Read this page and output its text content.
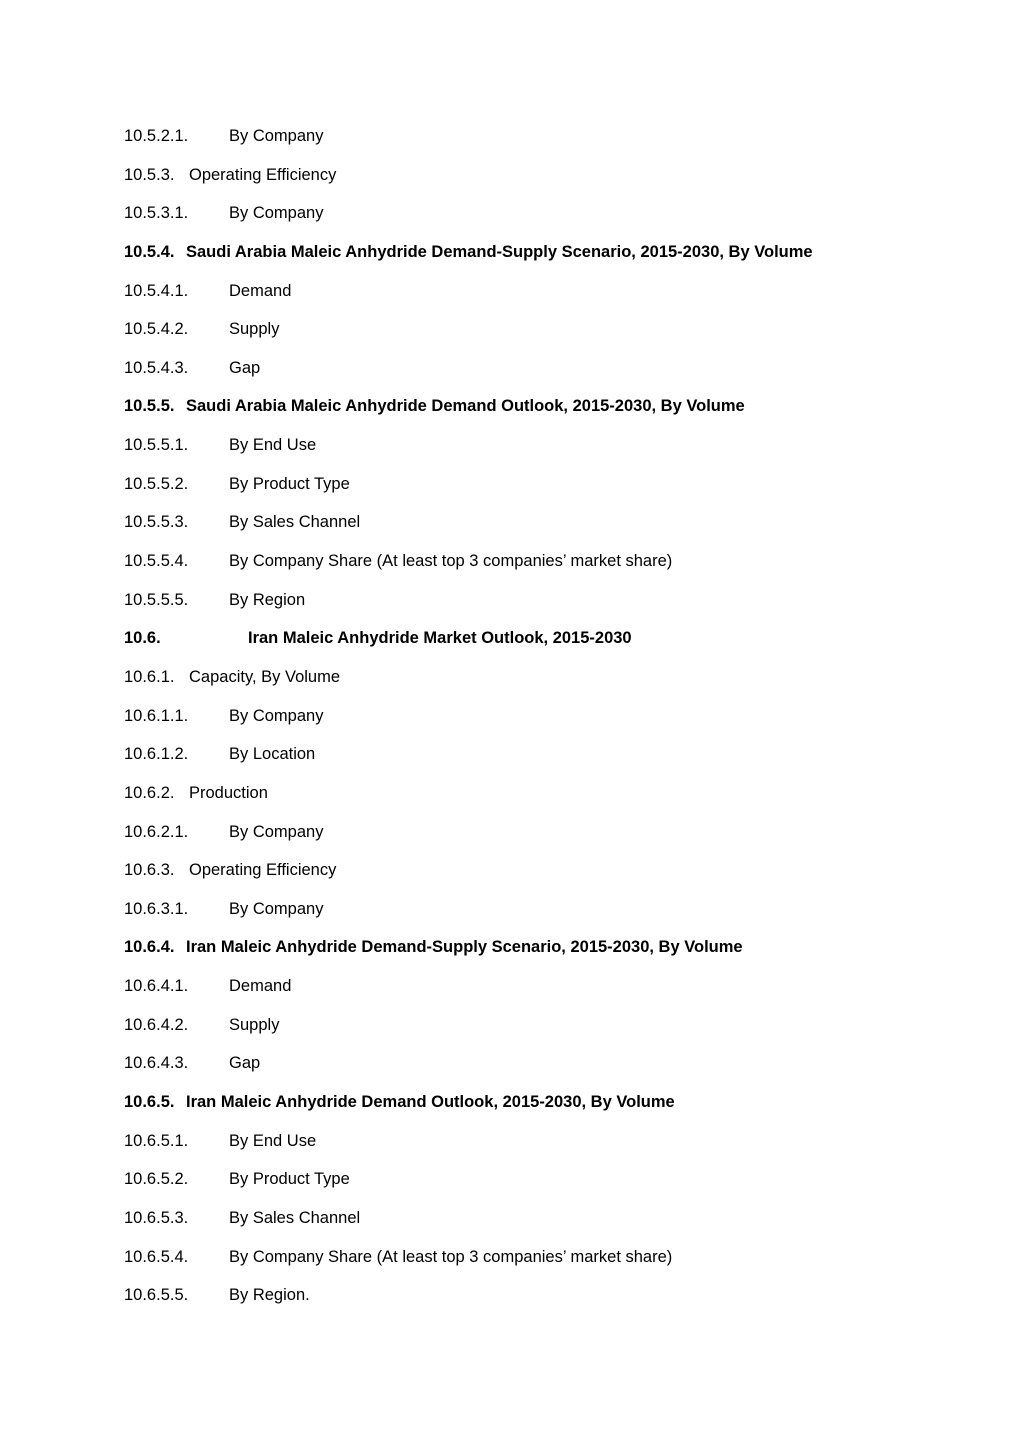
10.5.2.1. By Company
10.5.3. Operating Efficiency
10.5.3.1. By Company
10.5.4. Saudi Arabia Maleic Anhydride Demand-Supply Scenario, 2015-2030, By Volume
10.5.4.1. Demand
10.5.4.2. Supply
10.5.4.3. Gap
10.5.5. Saudi Arabia Maleic Anhydride Demand Outlook, 2015-2030, By Volume
10.5.5.1. By End Use
10.5.5.2. By Product Type
10.5.5.3. By Sales Channel
10.5.5.4. By Company Share (At least top 3 companies’ market share)
10.5.5.5. By Region
10.6.	Iran Maleic Anhydride Market Outlook, 2015-2030
10.6.1. Capacity, By Volume
10.6.1.1. By Company
10.6.1.2. By Location
10.6.2. Production
10.6.2.1. By Company
10.6.3. Operating Efficiency
10.6.3.1. By Company
10.6.4. Iran Maleic Anhydride Demand-Supply Scenario, 2015-2030, By Volume
10.6.4.1. Demand
10.6.4.2. Supply
10.6.4.3. Gap
10.6.5. Iran Maleic Anhydride Demand Outlook, 2015-2030, By Volume
10.6.5.1. By End Use
10.6.5.2. By Product Type
10.6.5.3. By Sales Channel
10.6.5.4. By Company Share (At least top 3 companies’ market share)
10.6.5.5. By Region.
